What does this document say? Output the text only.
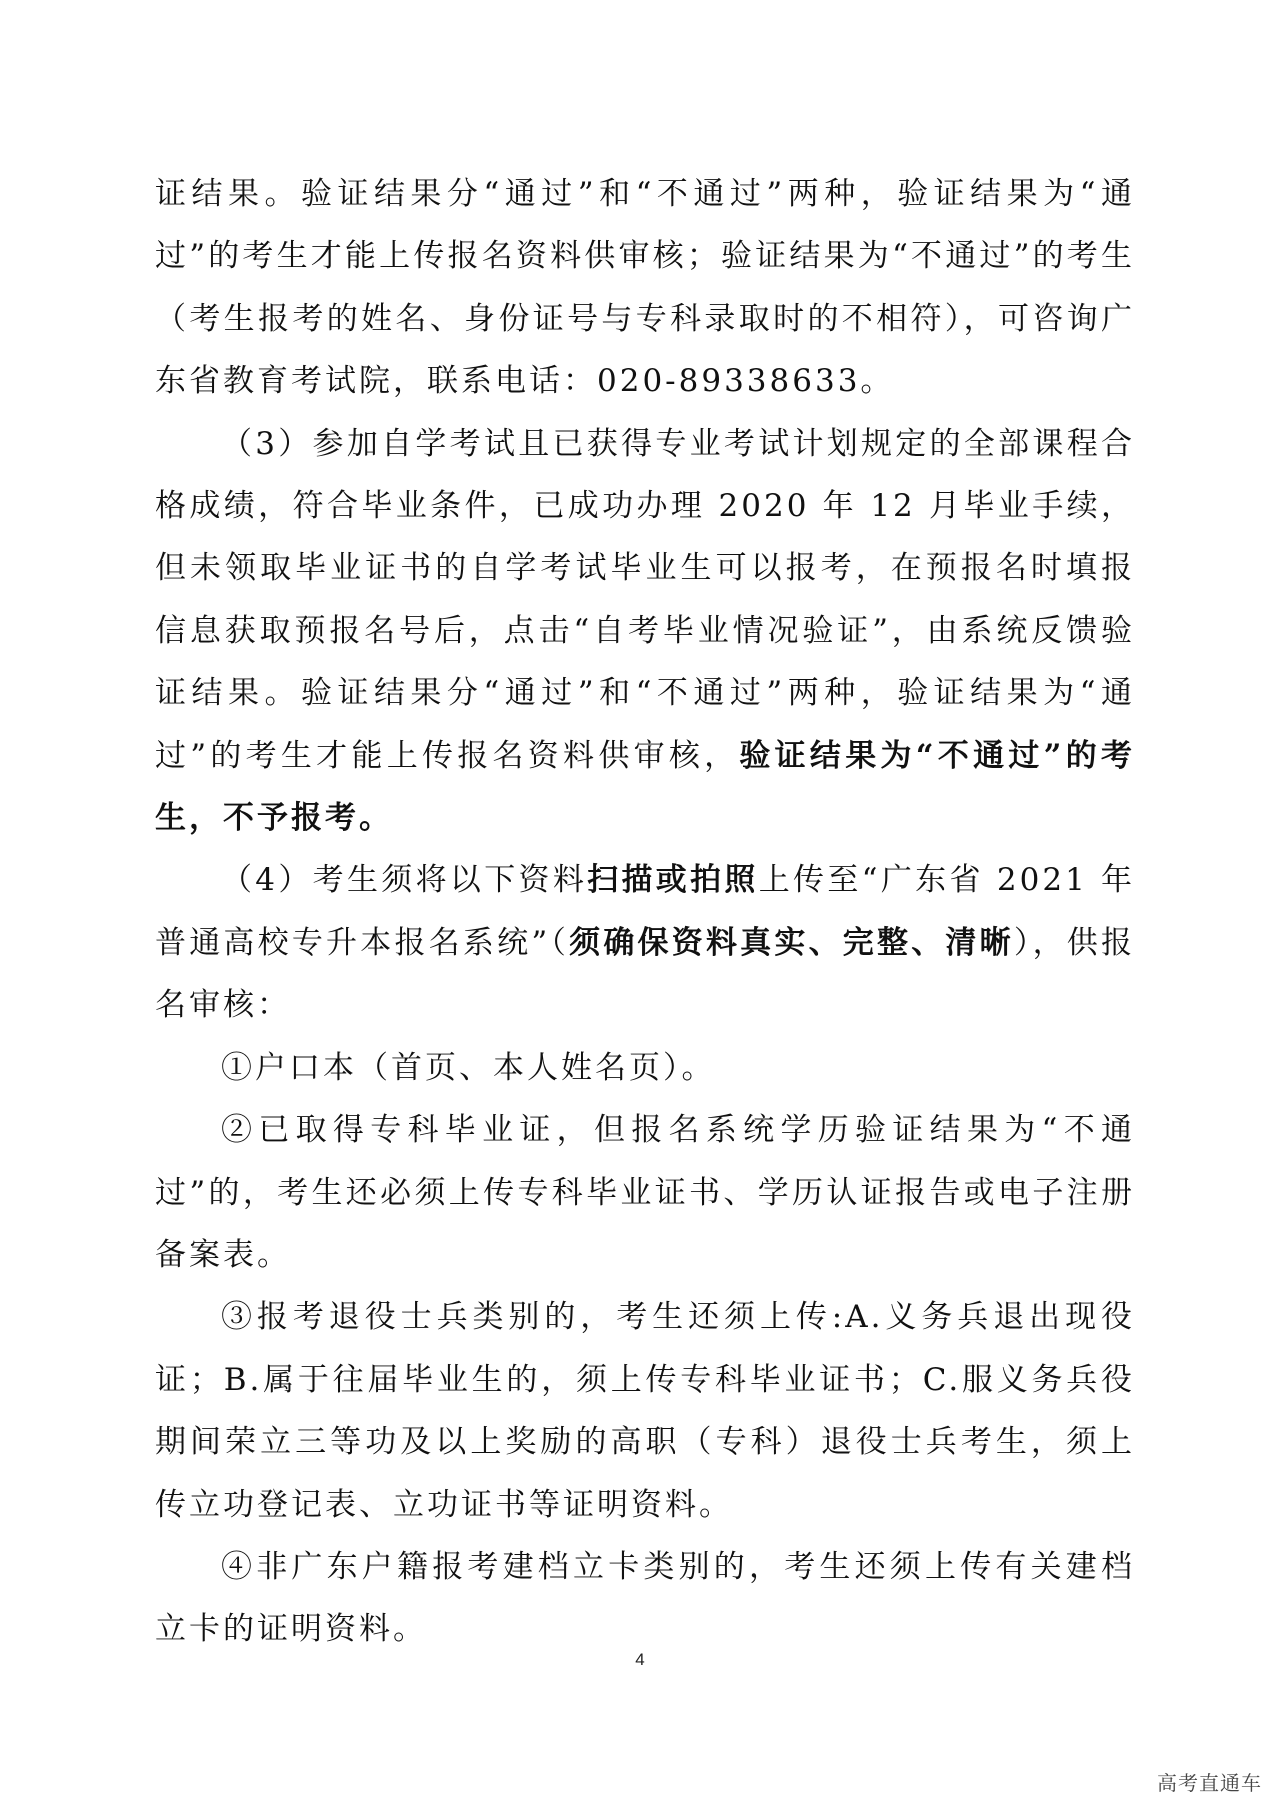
证结果。验证结果分“通过”和“不通过”两种，验证结果为“通过”的考生才能上传报名资料供审核；验证结果为“不通过”的考生（考生报考的姓名、身份证号与专科录取时的不相符），可咨询广东省教育考试院，联系电话：020-89338633。

（3）参加自学考试且已获得专业考试计划规定的全部课程合格成绩，符合毕业条件，已成功办理 2020 年 12 月毕业手续，但未领取毕业证书的自学考试毕业生可以报考，在预报名时填报信息获取预报名号后，点击“自考毕业情况验证”，由系统反馈验证结果。验证结果分“通过”和“不通过”两种，验证结果为“通过”的考生才能上传报名资料供审核，验证结果为“不通过”的考生，不予报考。

（4）考生须将以下资料扫描或拍照上传至“广东省 2021 年普通高校专升本报名系统”（须确保资料真实、完整、清晰），供报名审核：

①户口本（首页、本人姓名页）。

②已取得专科毕业证，但报名系统学历验证结果为“不通过”的，考生还必须上传专科毕业证书、学历认证报告或电子注册备案表。

③报考退役士兵类别的，考生还须上传:A.义务兵退出现役证；B.属于往届毕业生的，须上传专科毕业证书；C.服义务兵役期间荣立三等功及以上奖励的高职（专科）退役士兵考生，须上传立功登记表、立功证书等证明资料。

④非广东户籍报考建档立卡类别的，考生还须上传有关建档立卡的证明资料。

4
高考直通车
